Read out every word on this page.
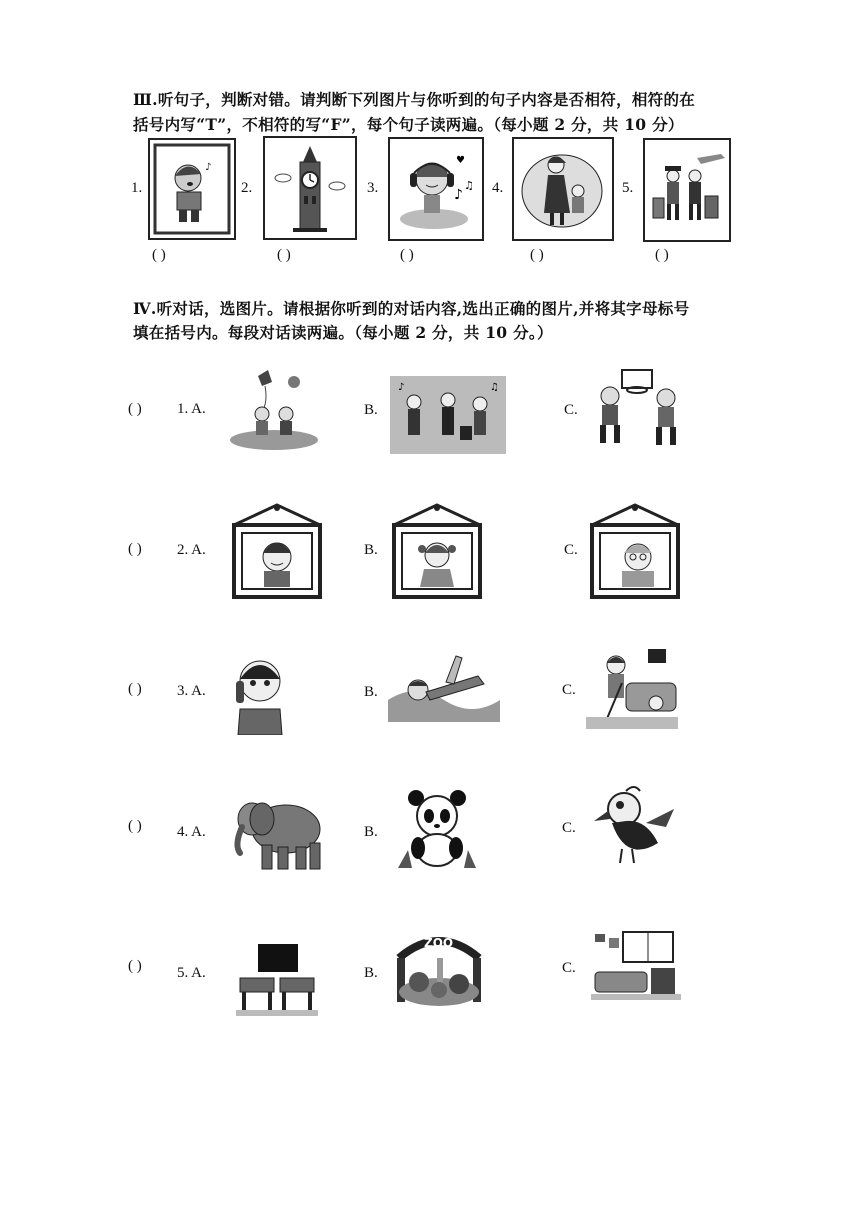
Ⅲ.听句子，判断对错。请判断下列图片与你听到的句子内容是否相符，相符的在
括号内写“T”，不相符的写“F”，每个句子读两遍。（每小题 2 分，共 10 分）
1.
♪
( )
2.
( )
3.
♥
♪
♫
( )
4.
( )
5.
( )
Ⅳ.听对话，选图片。请根据你听到的对话内容,选出正确的图片,并将其字母标号
填在括号内。每段对话读两遍。（每小题 2 分，共 10 分。）
( ) 1. A.	B.
♪	♫
C.
( ) 2. A.	B.	C.
( ) 3. A.	B.	C.
( ) 4. A.	B.	C.
( ) 5. A.	B.
ZOO
C.
